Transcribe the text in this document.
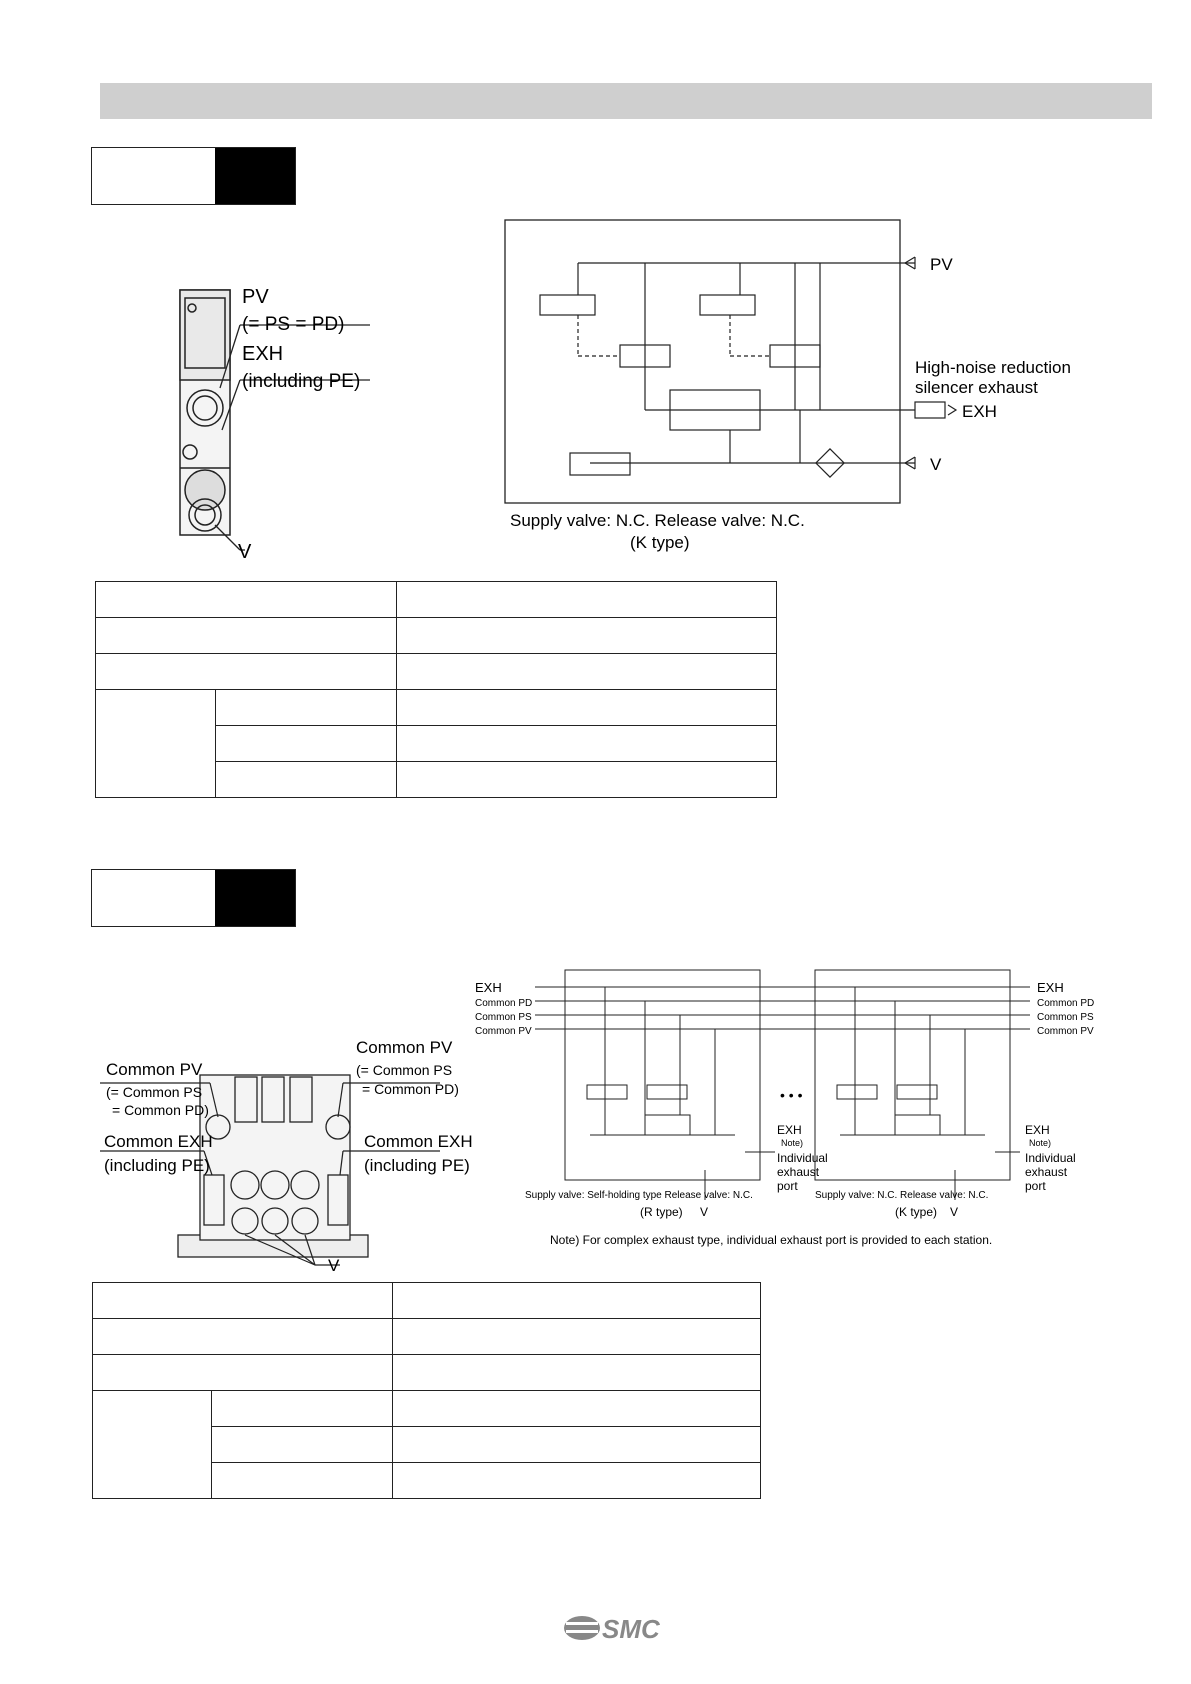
PV
(= PS = PD)
EXH
(including PE)
V
PV
High-noise reduction
silencer exhaust
EXH
V
Supply valve: N.C. Release valve: N.C.
(K type)

Common PV
(= Common PS
= Common PD)
Common EXH
(including PE)
Common PV
(= Common PS
= Common PD)
Common EXH
(including PE)
V
EXH
Common PD
Common PS
Common PV
EXH
Common PD
Common PS
Common PV
• • •
EXH
Note)
Individual
exhaust
port
EXH
Note)
Individual
exhaust
port
Supply valve: Self-holding type Release valve: N.C.
(R type)
Supply valve: N.C. Release valve: N.C.
(K type)
V	V
Note) For complex exhaust type, individual exhaust port is provided to each station.

SMC
